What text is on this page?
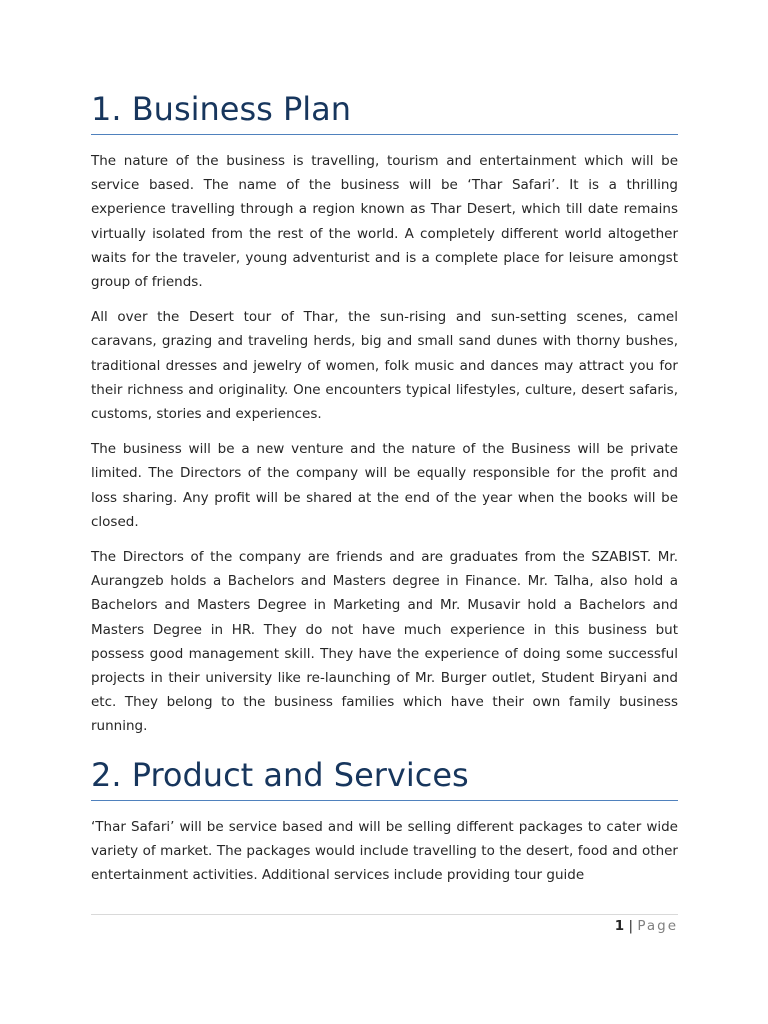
1. Business Plan

The nature of the business is travelling, tourism and entertainment which will be service based. The name of the business will be ‘Thar Safari’. It is a thrilling experience travelling through a region known as Thar Desert, which till date remains virtually isolated from the rest of the world. A completely different world altogether waits for the traveler, young adventurist and is a complete place for leisure amongst group of friends.

All over the Desert tour of Thar, the sun-rising and sun-setting scenes, camel caravans, grazing and traveling herds, big and small sand dunes with thorny bushes, traditional dresses and jewelry of women, folk music and dances may attract you for their richness and originality. One encounters typical lifestyles, culture, desert safaris, customs, stories and experiences.

The business will be a new venture and the nature of the Business will be private limited. The Directors of the company will be equally responsible for the profit and loss sharing. Any profit will be shared at the end of the year when the books will be closed.

The Directors of the company are friends and are graduates from the SZABIST. Mr. Aurangzeb holds a Bachelors and Masters degree in Finance. Mr. Talha, also hold a Bachelors and Masters Degree in Marketing and Mr. Musavir hold a Bachelors and Masters Degree in HR. They do not have much experience in this business but possess good management skill. They have the experience of doing some successful projects in their university like re-launching of Mr. Burger outlet, Student Biryani and etc. They belong to the business families which have their own family business running.

2. Product and Services

‘Thar Safari’ will be service based and will be selling different packages to cater wide variety of market. The packages would include travelling to the desert, food and other entertainment activities. Additional services include providing tour guide

1 | Page
